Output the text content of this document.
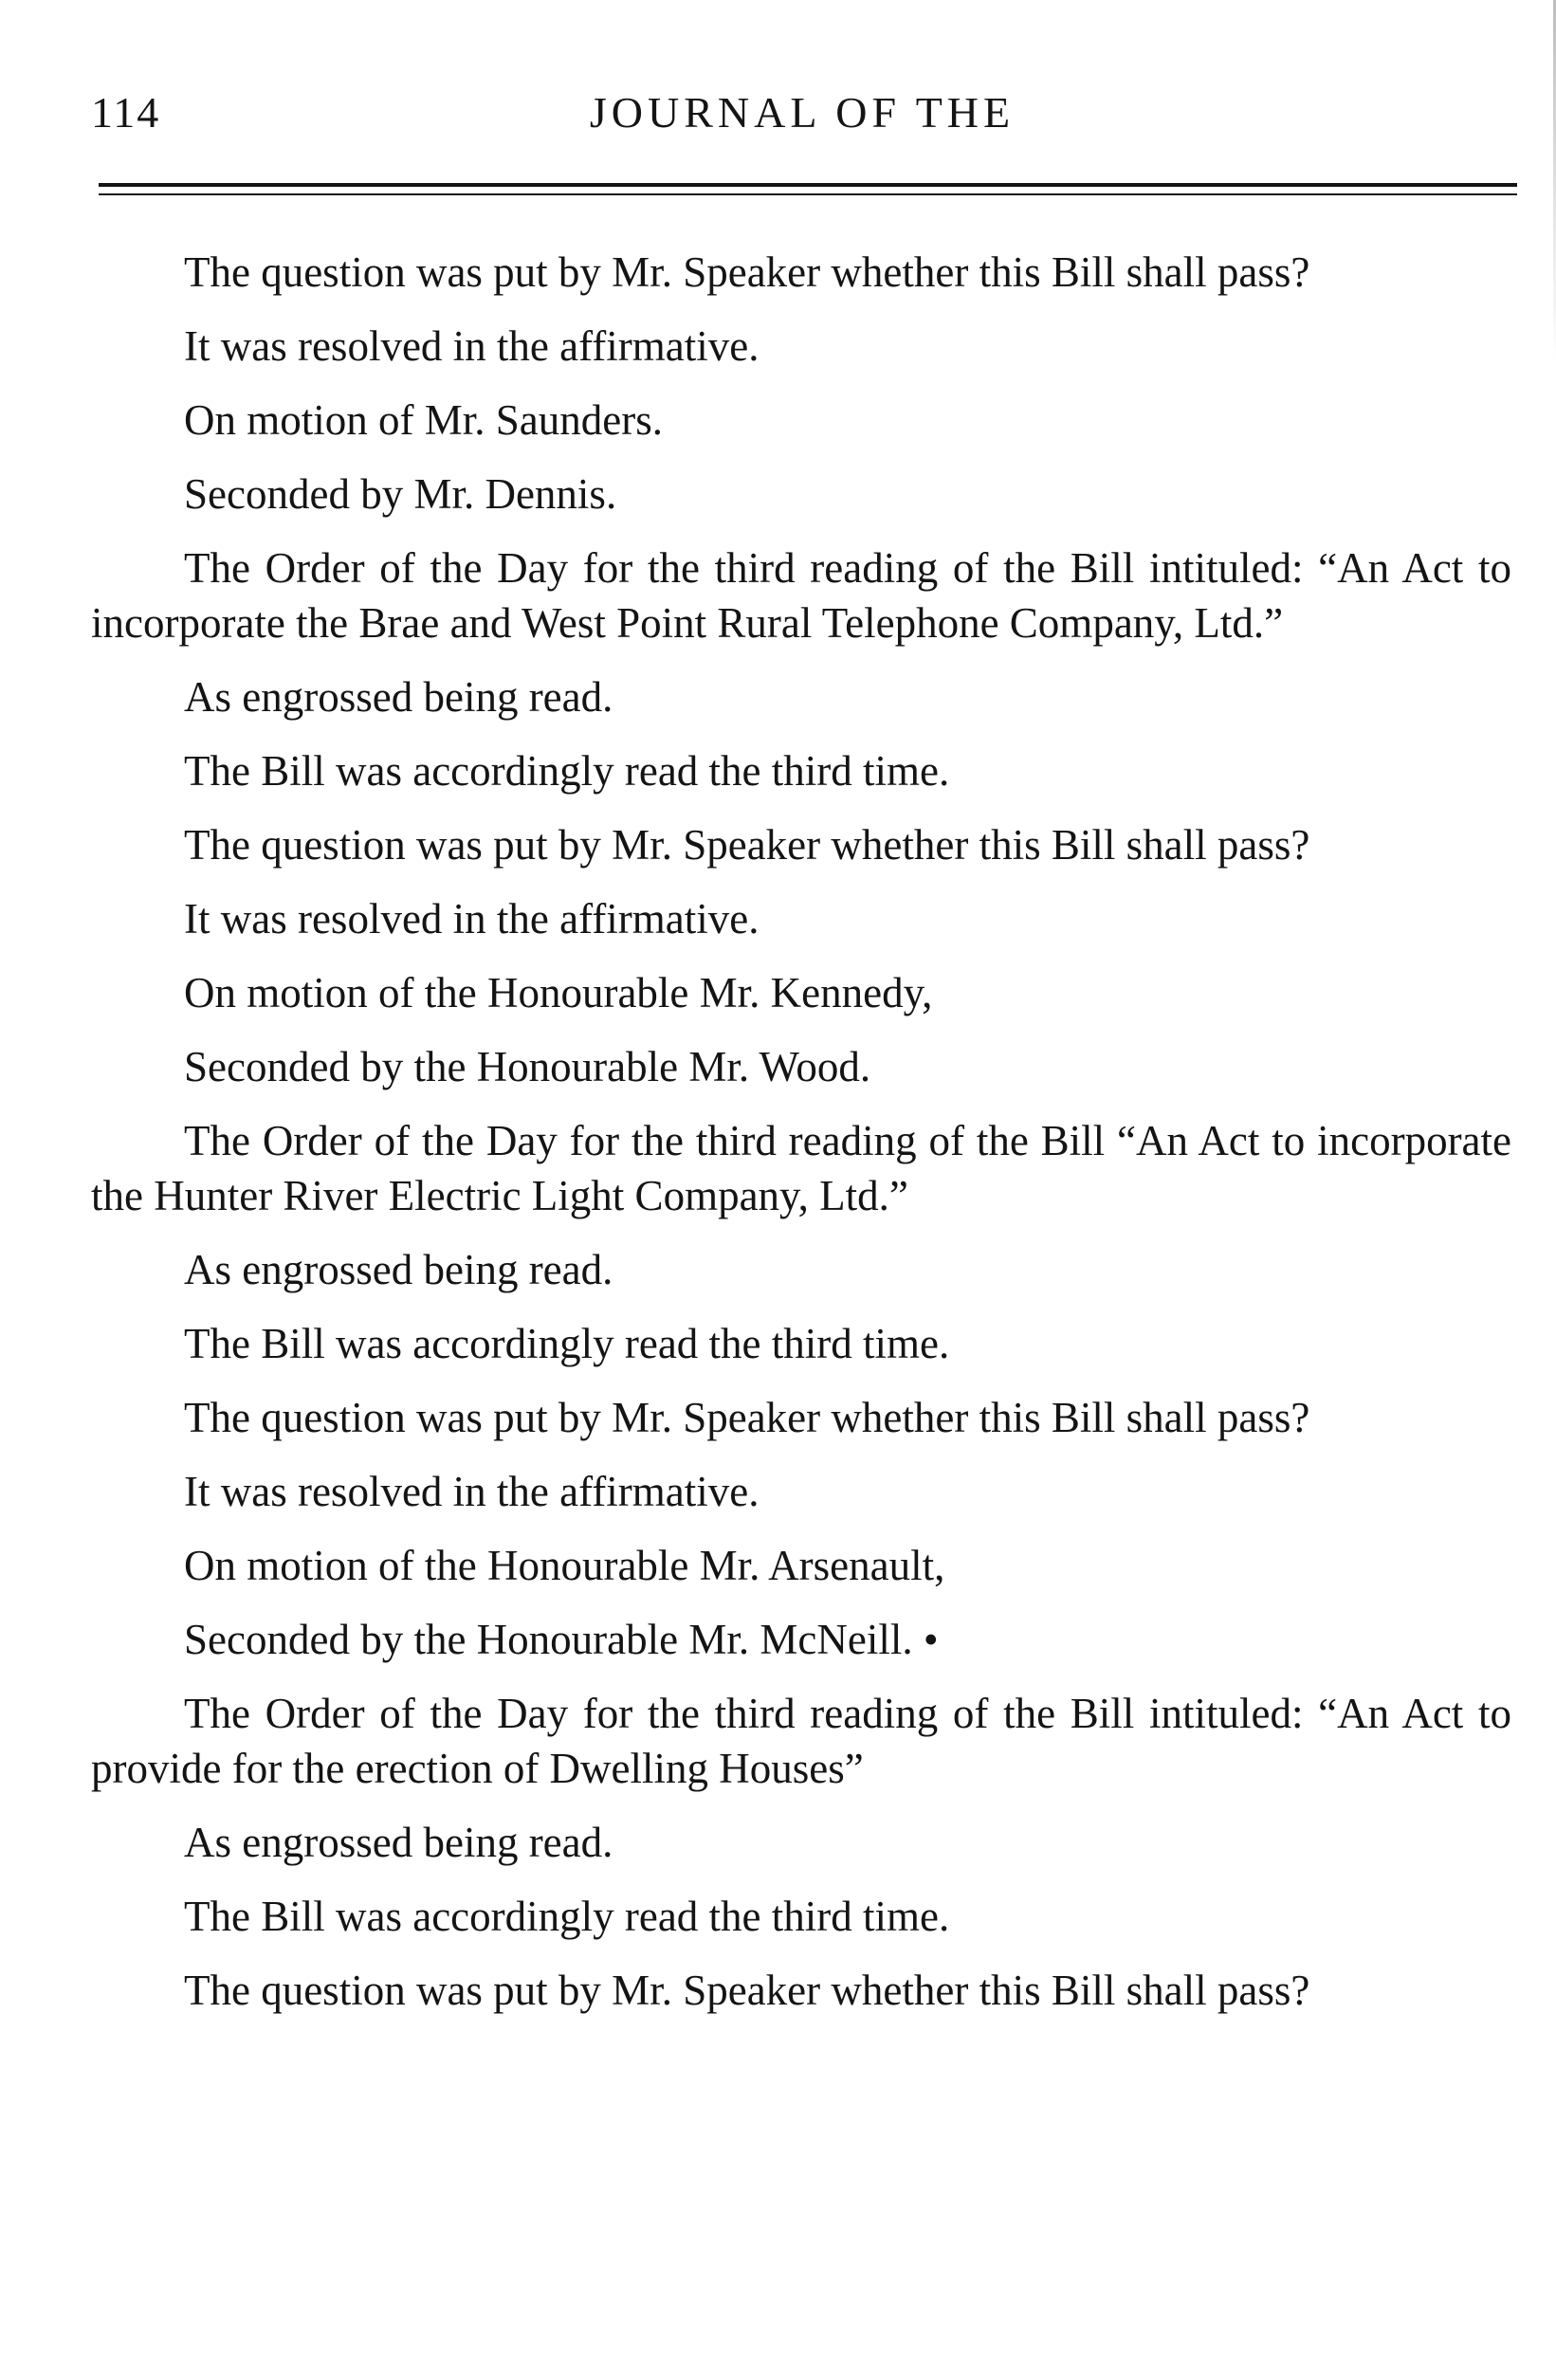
114	JOURNAL OF THE

The question was put by Mr. Speaker whether this Bill shall pass?

It was resolved in the affirmative.

On motion of Mr. Saunders.

Seconded by Mr. Dennis.

The Order of the Day for the third reading of the Bill intituled: “An Act to incorporate the Brae and West Point Rural Telephone Company, Ltd.”

As engrossed being read.

The Bill was accordingly read the third time.

The question was put by Mr. Speaker whether this Bill shall pass?

It was resolved in the affirmative.

On motion of the Honourable Mr. Kennedy,

Seconded by the Honourable Mr. Wood.

The Order of the Day for the third reading of the Bill “An Act to incorporate the Hunter River Electric Light Company, Ltd.”

As engrossed being read.

The Bill was accordingly read the third time.

The question was put by Mr. Speaker whether this Bill shall pass?

It was resolved in the affirmative.

On motion of the Honourable Mr. Arsenault,

Seconded by the Honourable Mr. McNeill. •

The Order of the Day for the third reading of the Bill intituled: “An Act to provide for the erection of Dwelling Houses”

As engrossed being read.

The Bill was accordingly read the third time.

The question was put by Mr. Speaker whether this Bill shall pass?
